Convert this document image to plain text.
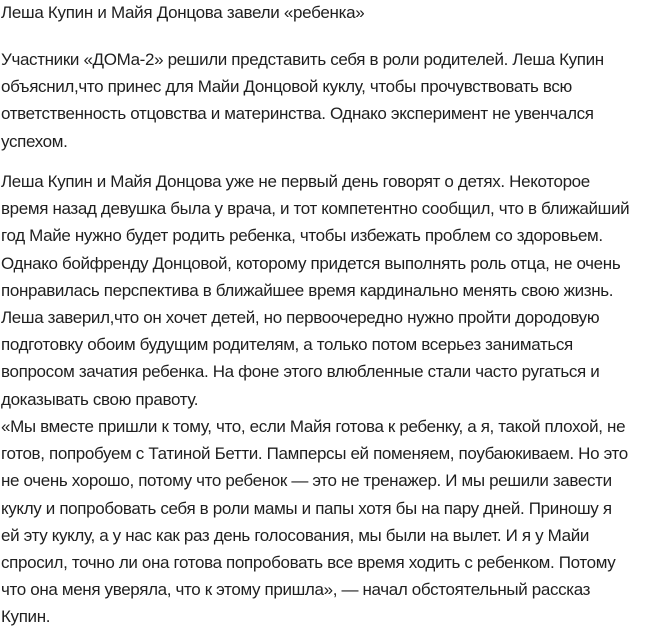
Леша Купин и Майя Донцова завели «ребенка»

Участники «ДОМа-2» решили представить себя в роли родителей. Леша Купин
объяснил,что принес для Майи Донцовой куклу, чтобы прочувствовать всю
ответственность отцовства и материнства. Однако эксперимент не увенчался
успехом.

Леша Купин и Майя Донцова уже не первый день говорят о детях. Некоторое
время назад девушка была у врача, и тот компетентно сообщил, что в ближайший
год Майе нужно будет родить ребенка, чтобы избежать проблем со здоровьем.
Однако бойфренду Донцовой, которому придется выполнять роль отца, не очень
понравилась перспектива в ближайшее время кардинально менять свою жизнь.
Леша заверил,что он хочет детей, но первоочередно нужно пройти дородовую
подготовку обоим будущим родителям, а только потом всерьез заниматься
вопросом зачатия ребенка. На фоне этого влюбленные стали часто ругаться и
доказывать свою правоту.

«Мы вместе пришли к тому, что, если Майя готова к ребенку, а я, такой плохой, не
готов, попробуем с Татиной Бетти. Памперсы ей поменяем, поубаюкиваем. Но это
не очень хорошо, потому что ребенок — это не тренажер. И мы решили завести
куклу и попробовать себя в роли мамы и папы хотя бы на пару дней. Приношу я
ей эту куклу, а у нас как раз день голосования, мы были на вылет. И я у Майи
спросил, точно ли она готова попробовать все время ходить с ребенком. Потому
что она меня уверяла, что к этому пришла», — начал обстоятельный рассказ
Купин.
